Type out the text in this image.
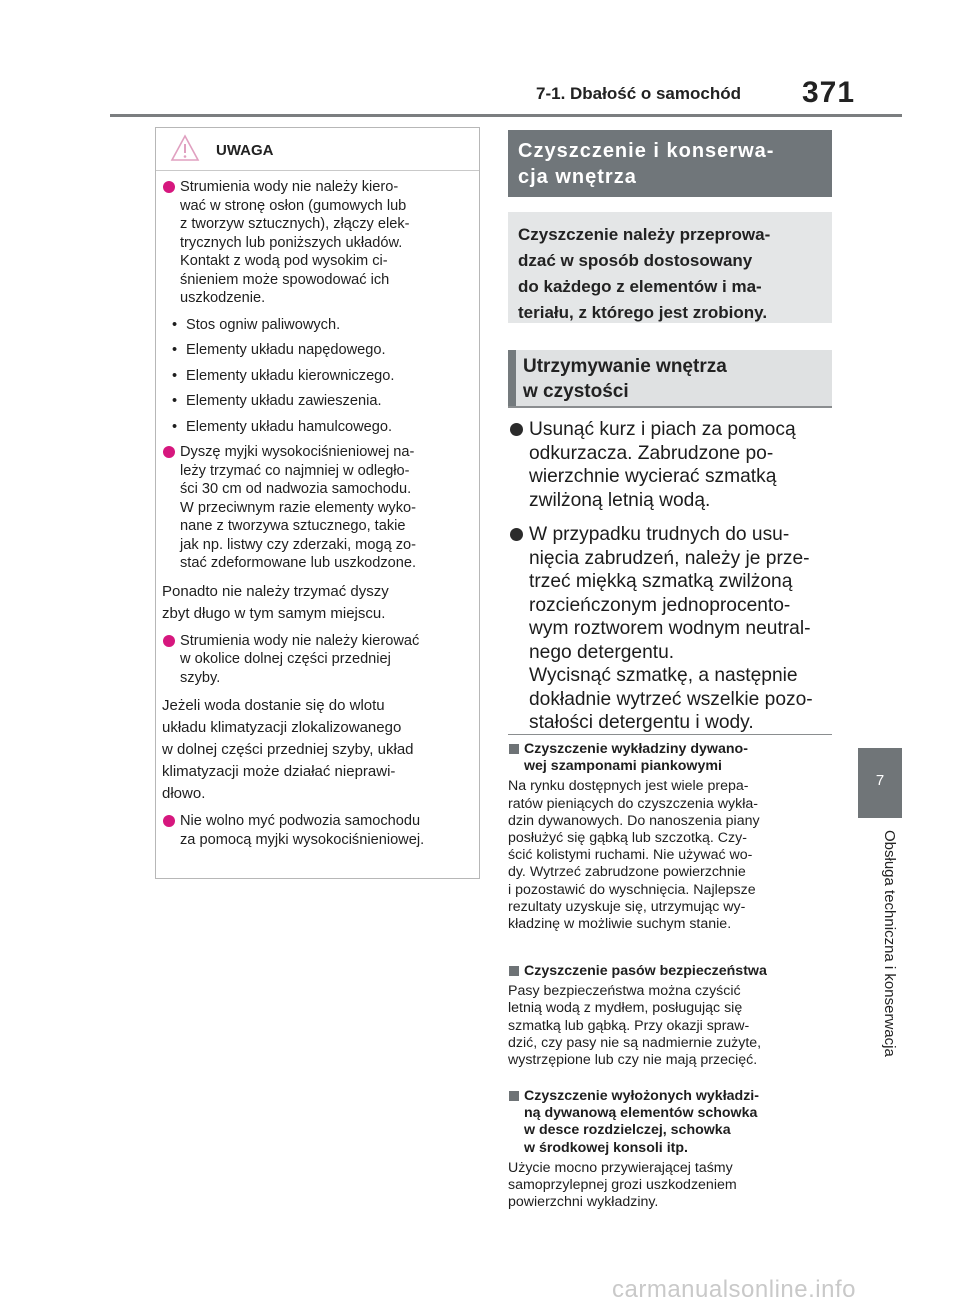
7-1. Dbałość o samochód 371
7
Obsługa techniczna i konserwacja
UWAGA
Strumienia wody nie należy kiero-
wać w stronę osłon (gumowych lub
z tworzyw sztucznych), złączy elek-
trycznych lub poniższych układów.
Kontakt z wodą pod wysokim ci-
śnieniem może spowodować ich
uszkodzenie.
• Stos ogniw paliwowych.
• Elementy układu napędowego.
• Elementy układu kierowniczego.
• Elementy układu zawieszenia.
• Elementy układu hamulcowego.
Dyszę myjki wysokociśnieniowej na-
leży trzymać co najmniej w odległo-
ści 30 cm od nadwozia samochodu.
W przeciwnym razie elementy wyko-
nane z tworzywa sztucznego, takie
jak np. listwy czy zderzaki, mogą zo-
stać zdeformowane lub uszkodzone.
Ponadto nie należy trzymać dyszy
zbyt długo w tym samym miejscu.
Strumienia wody nie należy kierować
w okolice dolnej części przedniej
szyby.
Jeżeli woda dostanie się do wlotu
układu klimatyzacji zlokalizowanego
w dolnej części przedniej szyby, układ
klimatyzacji może działać nieprawi-
dłowo.
Nie wolno myć podwozia samochodu
za pomocą myjki wysokociśnieniowej.
Czyszczenie i konserwa-
cja wnętrza
Czyszczenie należy przeprowa-
dzać w sposób dostosowany
do każdego z elementów i ma-
teriału, z którego jest zrobiony.
Utrzymywanie wnętrza
w czystości
Usunąć kurz i piach za pomocą
odkurzacza. Zabrudzone po-
wierzchnie wycierać szmatką
zwilżoną letnią wodą.
W przypadku trudnych do usu-
nięcia zabrudzeń, należy je prze-
trzeć miękką szmatką zwilżoną
rozcieńczonym jednoprocento-
wym roztworem wodnym neutral-
nego detergentu.
Wycisnąć szmatkę, a następnie
dokładnie wytrzeć wszelkie pozo-
stałości detergentu i wody.
Czyszczenie wykładziny dywano-
wej szamponami piankowymi
Na rynku dostępnych jest wiele prepa-
ratów pieniących do czyszczenia wykła-
dzin dywanowych. Do nanoszenia piany
posłużyć się gąbką lub szczotką. Czy-
ścić kolistymi ruchami. Nie używać wo-
dy. Wytrzeć zabrudzone powierzchnie
i pozostawić do wyschnięcia. Najlepsze
rezultaty uzyskuje się, utrzymując wy-
kładzinę w możliwie suchym stanie.
Czyszczenie pasów bezpieczeństwa
Pasy bezpieczeństwa można czyścić
letnią wodą z mydłem, posługując się
szmatką lub gąbką. Przy okazji spraw-
dzić, czy pasy nie są nadmiernie zużyte,
wystrzępione lub czy nie mają przecięć.
Czyszczenie wyłożonych wykładzi-
ną dywanową elementów schowka
w desce rozdzielczej, schowka
w środkowej konsoli itp.
Użycie mocno przywierającej taśmy
samoprzylepnej grozi uszkodzeniem
powierzchni wykładziny.
carmanualsonline.info
